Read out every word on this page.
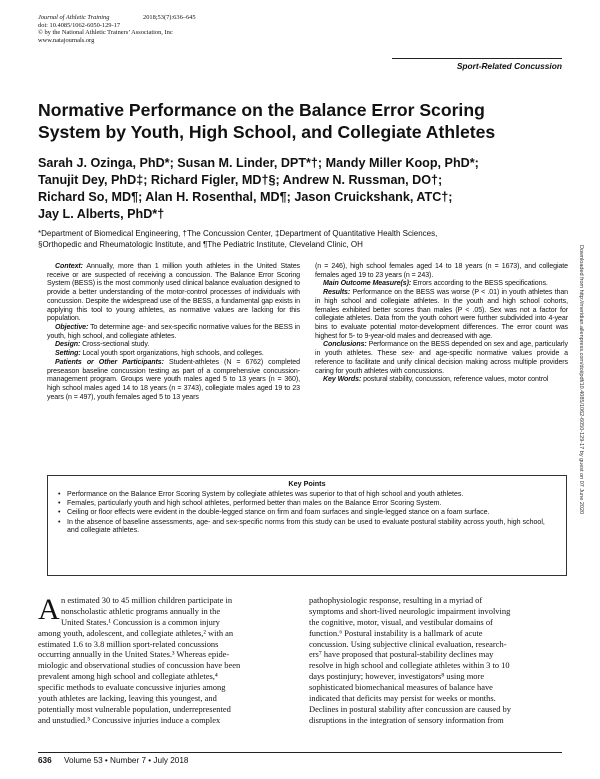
Journal of Athletic Training	2018;53(7):636–645
doi: 10.4085/1062-6050-129-17
© by the National Athletic Trainers’ Association, Inc
www.natajournals.org
Sport-Related Concussion
Normative Performance on the Balance Error Scoring
System by Youth, High School, and Collegiate Athletes
Sarah J. Ozinga, PhD*; Susan M. Linder, DPT*†; Mandy Miller Koop, PhD*;
Tanujit Dey, PhD‡; Richard Figler, MD†§; Andrew N. Russman, DO†;
Richard So, MD¶; Alan H. Rosenthal, MD¶; Jason Cruickshank, ATC†;
Jay L. Alberts, PhD*†
*Department of Biomedical Engineering, †The Concussion Center, ‡Department of Quantitative Health Sciences,
§Orthopedic and Rheumatologic Institute, and ¶The Pediatric Institute, Cleveland Clinic, OH

Context: Annually, more than 1 million youth athletes in the United States receive or are suspected of receiving a concussion. The Balance Error Scoring System (BESS) is the most commonly used clinical balance evaluation designed to provide a better understanding of the motor-control processes of individuals with concussion. Despite the widespread use of the BESS, a fundamental gap exists in applying this tool to young athletes, as normative values are lacking for this population.

Objective: To determine age- and sex-specific normative values for the BESS in youth, high school, and collegiate athletes.

Design: Cross-sectional study.

Setting: Local youth sport organizations, high schools, and colleges.

Patients or Other Participants: Student-athletes (N = 6762) completed preseason baseline concussion testing as part of a comprehensive concussion-management program. Groups were youth males aged 5 to 13 years (n = 360), high school males aged 14 to 18 years (n = 3743), collegiate males aged 19 to 23 years (n = 497), youth females aged 5 to 13 years

(n = 246), high school females aged 14 to 18 years (n = 1673), and collegiate females aged 19 to 23 years (n = 243).

Main Outcome Measure(s): Errors according to the BESS specifications.

Results: Performance on the BESS was worse (P < .01) in youth athletes than in high school and collegiate athletes. In the youth and high school cohorts, females exhibited better scores than males (P < .05). Sex was not a factor for collegiate athletes. Data from the youth cohort were further subdivided into 4-year bins to evaluate potential motor-development differences. The error count was highest for 5- to 9-year-old males and decreased with age.

Conclusions: Performance on the BESS depended on sex and age, particularly in youth athletes. These sex- and age-specific normative values provide a reference to facilitate and unify clinical decision making across multiple providers caring for youth athletes with concussions.

Key Words: postural stability, concussion, reference values, motor control

Key Points
• Performance on the Balance Error Scoring System by collegiate athletes was superior to that of high school and youth athletes.
• Females, particularly youth and high school athletes, performed better than males on the Balance Error Scoring System.
• Ceiling or floor effects were evident in the double-legged stance on firm and foam surfaces and single-legged stance on a foam surface.
• In the absence of baseline assessments, age- and sex-specific norms from this study can be used to evaluate postural stability across youth, high school, and collegiate athletes.
A n estimated 30 to 45 million children participate in
nonscholastic athletic programs annually in the
United States.¹ Concussion is a common injury
among youth, adolescent, and collegiate athletes,² with an
estimated 1.6 to 3.8 million sport-related concussions
occurring annually in the United States.³ Whereas epide-
miologic and observational studies of concussion have been
prevalent among high school and collegiate athletes,⁴
specific methods to evaluate concussive injuries among
youth athletes are lacking, leaving this youngest, and
potentially most vulnerable population, underrepresented
and unstudied.⁵ Concussive injuries induce a complex
pathophysiologic response, resulting in a myriad of
symptoms and short-lived neurologic impairment involving
the cognitive, motor, visual, and vestibular domains of
function.⁶ Postural instability is a hallmark of acute
concussion. Using subjective clinical evaluation, research-
ers⁷ have proposed that postural-stability declines may
resolve in high school and collegiate athletes within 3 to 10
days postinjury; however, investigators⁸ using more
sophisticated biomechanical measures of balance have
indicated that deficits may persist for weeks or months.
Declines in postural stability after concussion are caused by
disruptions in the integration of sensory information from
636 Volume 53 • Number 7 • July 2018
Downloaded from http://meridian.allenpress.com/doi/pdf/10.4085/1062-6050-129-17 by guest on 07 June 2020
